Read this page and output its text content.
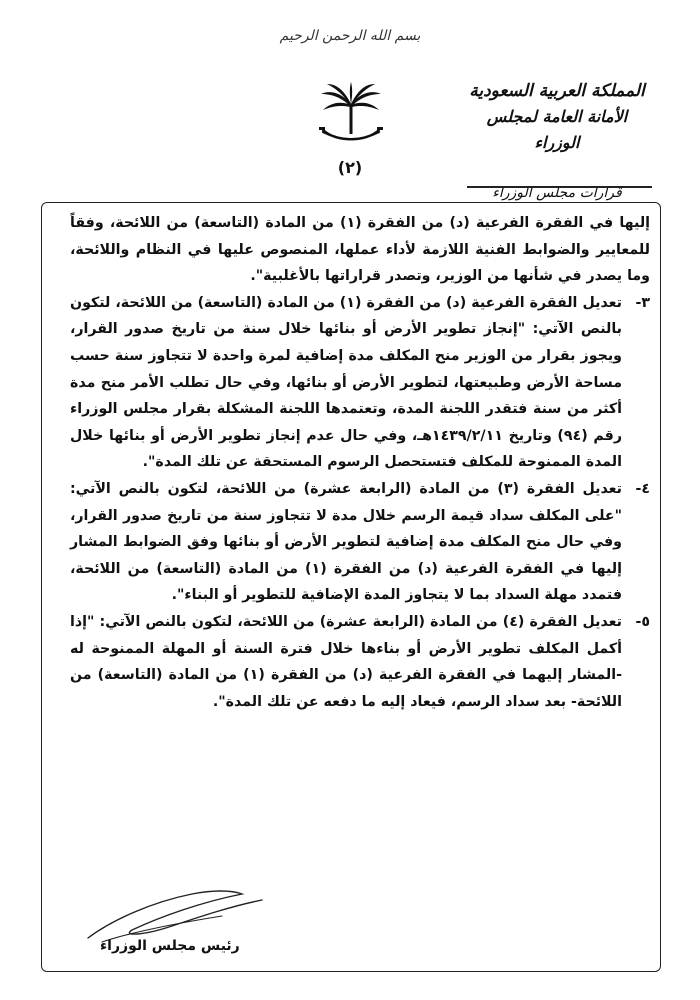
بسم الله الرحمن الرحيم
(٢)
المملكة العربية السعودية
الأمانة العامة لمجلس الوزراء
قرارات مجلس الوزراء

إليها في الفقرة الفرعية (د) من الفقرة (١) من المادة (التاسعة) من اللائحة، وفقاً للمعايير والضوابط الفنية اللازمة لأداء عملها، المنصوص عليها في النظام واللائحة، وما يصدر في شأنها من الوزير، وتصدر قراراتها بالأغلبية".

٣-
تعديل الفقرة الفرعية (د) من الفقرة (١) من المادة (التاسعة) من اللائحة، لتكون بالنص الآتي: "إنجاز تطوير الأرض أو بنائها خلال سنة من تاريخ صدور القرار، ويجوز بقرار من الوزير منح المكلف مدة إضافية لمرة واحدة لا تتجاوز سنة حسب مساحة الأرض وطبيعتها، لتطوير الأرض أو بنائها، وفي حال تطلب الأمر منح مدة أكثر من سنة فتقدر اللجنة المدة، وتعتمدها اللجنة المشكلة بقرار مجلس الوزراء رقم (٩٤) وتاريخ ١٤٣٩/٢/١١هـ، وفي حال عدم إنجاز تطوير الأرض أو بنائها خلال المدة الممنوحة للمكلف فتستحصل الرسوم المستحقة عن تلك المدة".
٤-
تعديل الفقرة (٣) من المادة (الرابعة عشرة) من اللائحة، لتكون بالنص الآتي: "على المكلف سداد قيمة الرسم خلال مدة لا تتجاوز سنة من تاريخ صدور القرار، وفي حال منح المكلف مدة إضافية لتطوير الأرض أو بنائها وفق الضوابط المشار إليها في الفقرة الفرعية (د) من الفقرة (١) من المادة (التاسعة) من اللائحة، فتمدد مهلة السداد بما لا يتجاوز المدة الإضافية للتطوير أو البناء".
٥-
تعديل الفقرة (٤) من المادة (الرابعة عشرة) من اللائحة، لتكون بالنص الآتي: "إذا أكمل المكلف تطوير الأرض أو بناءها خلال فترة السنة أو المهلة الممنوحة له -المشار إليهما في الفقرة الفرعية (د) من الفقرة (١) من المادة (التاسعة) من اللائحة- بعد سداد الرسم، فيعاد إليه ما دفعه عن تلك المدة".
رئيس مجلس الوزراء
